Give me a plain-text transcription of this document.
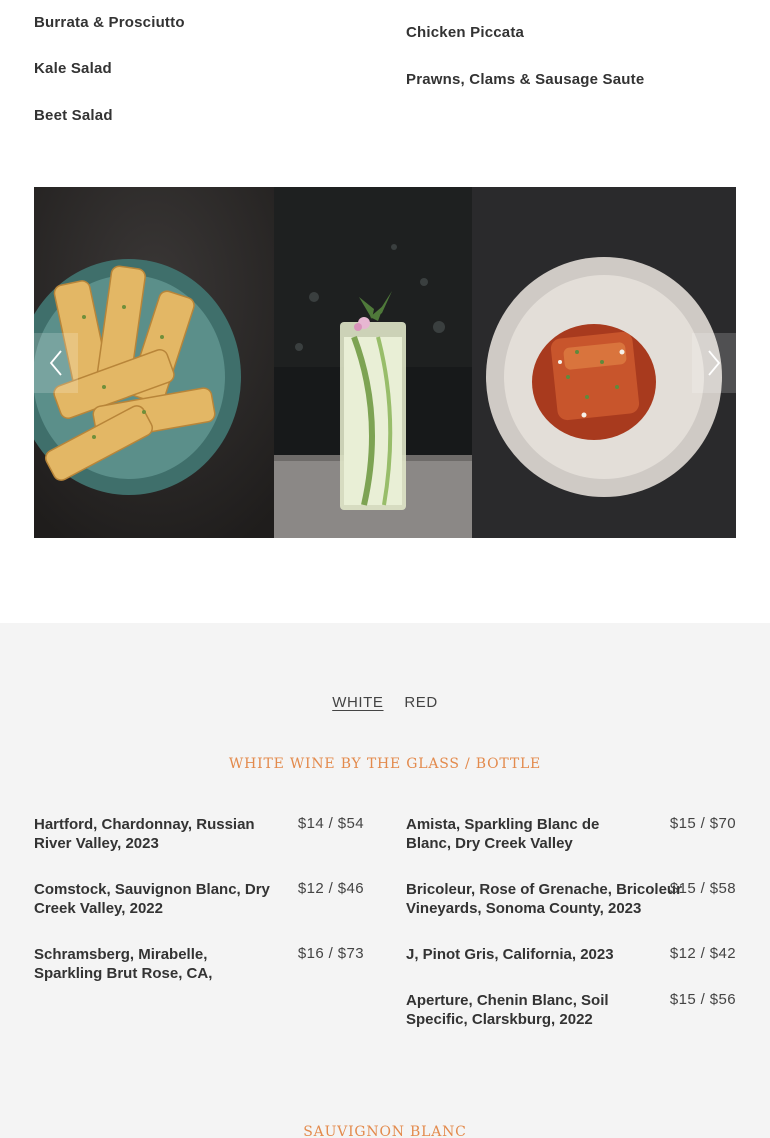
Burrata & Prosciutto
Kale Salad
Beet Salad
Chicken Piccata
Prawns, Clams & Sausage Saute
WHITE RED
WHITE WINE BY THE GLASS / BOTTLE
Hartford, Chardonnay, Russian River Valley, 2023
$14 / $54
Comstock, Sauvignon Blanc, Dry Creek Valley, 2022
$12 / $46
Schramsberg, Mirabelle, Sparkling Brut Rose, CA,
$16 / $73
Amista, Sparkling Blanc de Blanc, Dry Creek Valley
$15 / $70
Bricoleur, Rose of Grenache, Bricoleur Vineyards, Sonoma County, 2023
$15 / $58
J, Pinot Gris, California, 2023	$12 / $42
Aperture, Chenin Blanc, Soil Specific, Clarskburg, 2022
$15 / $56
SAUVIGNON BLANC
